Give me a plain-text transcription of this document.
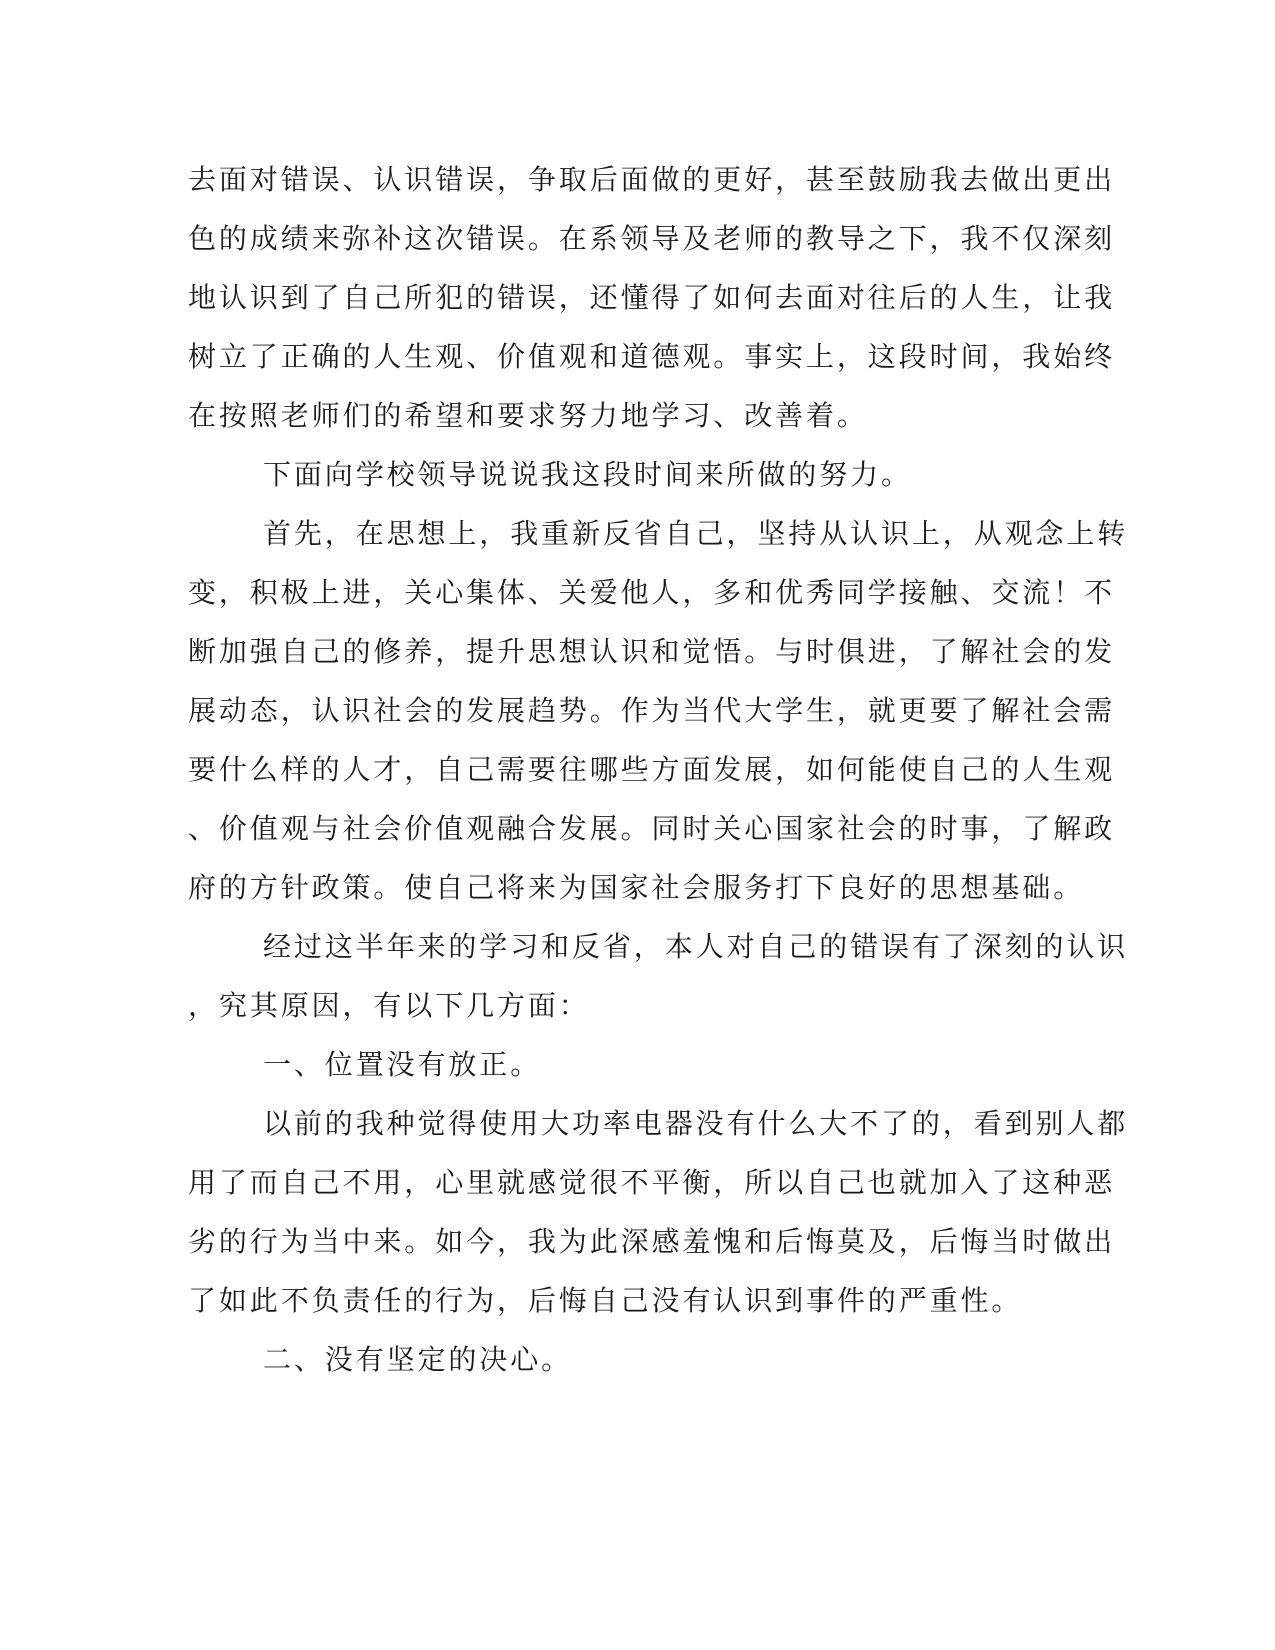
去面对错误、认识错误，争取后面做的更好，甚至鼓励我去做出更出
色的成绩来弥补这次错误。在系领导及老师的教导之下，我不仅深刻
地认识到了自己所犯的错误，还懂得了如何去面对往后的人生，让我
树立了正确的人生观、价值观和道德观。事实上，这段时间，我始终
在按照老师们的希望和要求努力地学习、改善着。
下面向学校领导说说我这段时间来所做的努力。
首先，在思想上，我重新反省自己，坚持从认识上，从观念上转
变，积极上进，关心集体、关爱他人，多和优秀同学接触、交流！不
断加强自己的修养，提升思想认识和觉悟。与时俱进，了解社会的发
展动态，认识社会的发展趋势。作为当代大学生，就更要了解社会需
要什么样的人才，自己需要往哪些方面发展，如何能使自己的人生观
、价值观与社会价值观融合发展。同时关心国家社会的时事，了解政
府的方针政策。使自己将来为国家社会服务打下良好的思想基础。
经过这半年来的学习和反省，本人对自己的错误有了深刻的认识
，究其原因，有以下几方面：
一、位置没有放正。
以前的我种觉得使用大功率电器没有什么大不了的，看到别人都
用了而自己不用，心里就感觉很不平衡，所以自己也就加入了这种恶
劣的行为当中来。如今，我为此深感羞愧和后悔莫及，后悔当时做出
了如此不负责任的行为，后悔自己没有认识到事件的严重性。
二、没有坚定的决心。
